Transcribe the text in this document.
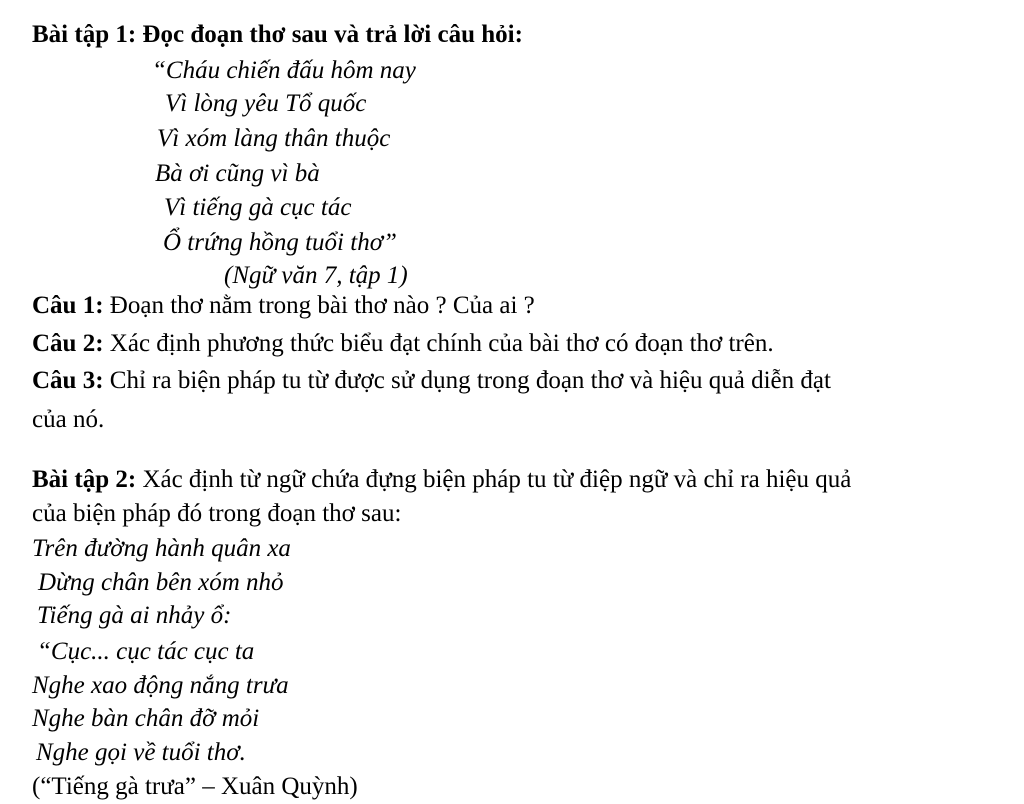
Bài tập 1: Đọc đoạn thơ sau và trả lời câu hỏi:
“Cháu chiến đấu hôm nay
Vì lòng yêu Tổ quốc
Vì xóm làng thân thuộc
Bà ơi cũng vì bà
Vì tiếng gà cục tác
Ổ trứng hồng tuổi thơ”
(Ngữ văn 7, tập 1)
Câu 1: Đoạn thơ nằm trong bài thơ nào ? Của ai ?
Câu 2: Xác định phương thức biểu đạt chính của bài thơ có đoạn thơ trên.
Câu 3: Chỉ ra biện pháp tu từ được sử dụng trong đoạn thơ và hiệu quả diễn đạt
của nó.
Bài tập 2: Xác định từ ngữ chứa đựng biện pháp tu từ điệp ngữ và chỉ ra hiệu quả
của biện pháp đó trong đoạn thơ sau:
Trên đường hành quân xa
Dừng chân bên xóm nhỏ
Tiếng gà ai nhảy ổ:
“Cục... cục tác cục ta
Nghe xao động nắng trưa
Nghe bàn chân đỡ mỏi
Nghe gọi về tuổi thơ.
(“Tiếng gà trưa” – Xuân Quỳnh)
